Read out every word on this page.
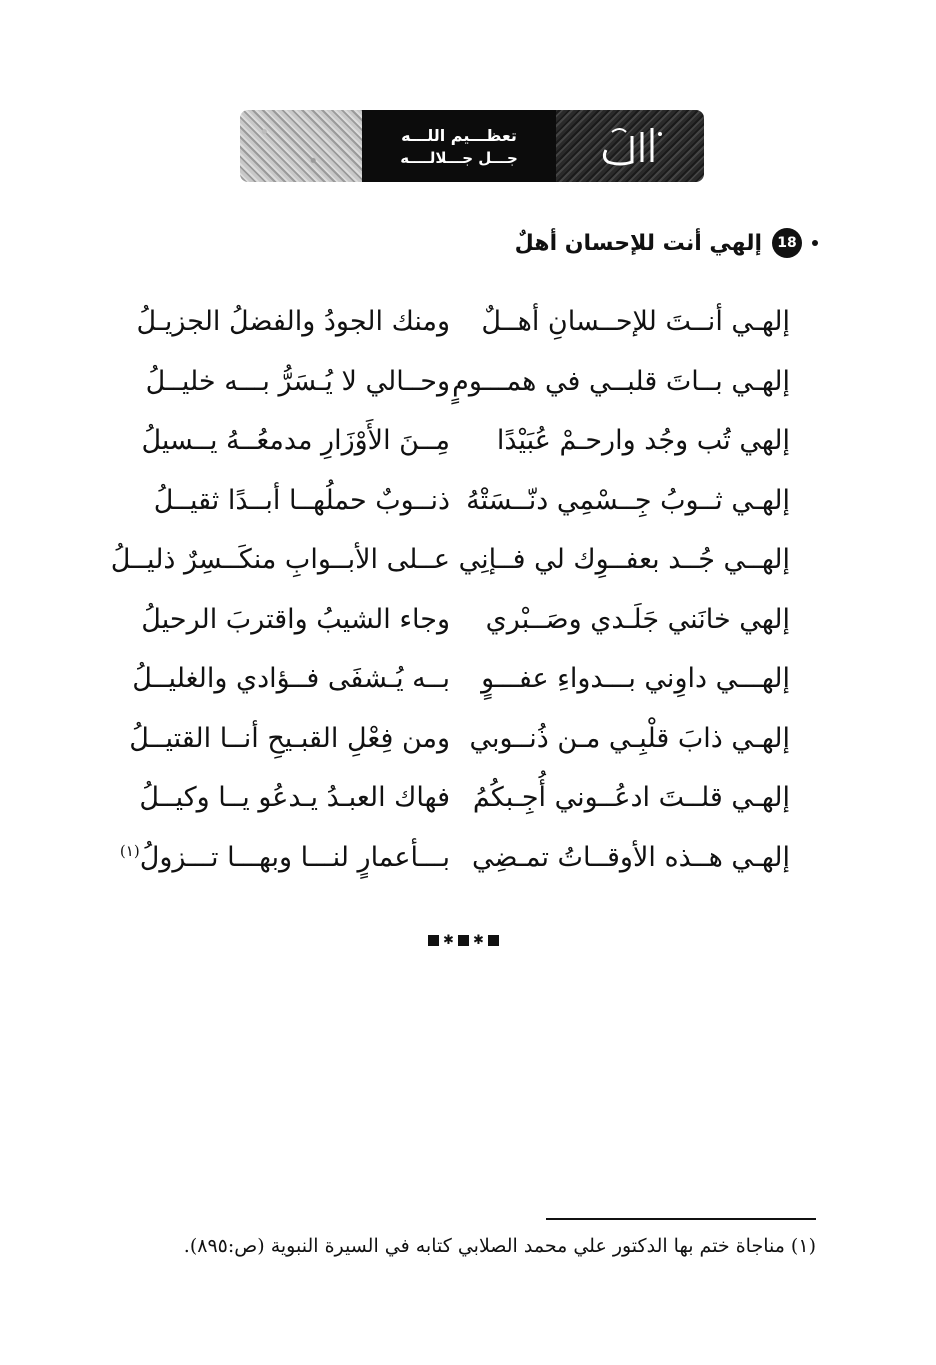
تعظـــيم اللـــه
جـــل جـــلالــــه
18
إلهي أنت للإحسان أهلٌ
إلهـي أنــتَ للإحــسانِ أهــلٌ
ومنك الجودُ والفضلُ الجزيـلُ
إلهـي بــاتَ قلبــي في همـــومٍ
وحــالي لا يُـسَرُّ بـــه خليــلُ
إلهي تُب وجُد وارحـمْ عُبَيْدًا
مِــنَ الأَوْزَارِ مدمعُــهُ يــسيلُ
إلهـي ثــوبُ جِــسْمِي دنّــسَتْهُ
ذنــوبٌ حملُهــا أبــدًا ثقيــلُ
إلهــي جُــد بعفــوِك لي فــإنِي
عــلى الأبــوابِ منكَــسِرٌ ذليــلُ
إلهي خانَني جَلَـدي وصَــبْري
وجاء الشيبُ واقتربَ الرحيلُ
إلهـــي داوِني بـــدواءِ عفـــوٍ
بــه يُـشفَى فــؤادي والغليــلُ
إلهـي ذابَ قلْبِـي مـن ذُنــوبي
ومن فِعْلِ القبـيحِ أنــا القتيــلُ
إلهـي قلــتَ ادعُــوني أُجِـبكُمُ
فهاك العبـدُ يـدعُو يــا وكيــلُ
إلهـي هــذه الأوقــاتُ تمـضِي
بـــأعمارٍ لنـــا وبهـــا تـــزولُ$^{(١)}$
✱ ✱
(١) مناجاة ختم بها الدكتور علي محمد الصلابي كتابه في السيرة النبوية (ص:٨٩٥).
